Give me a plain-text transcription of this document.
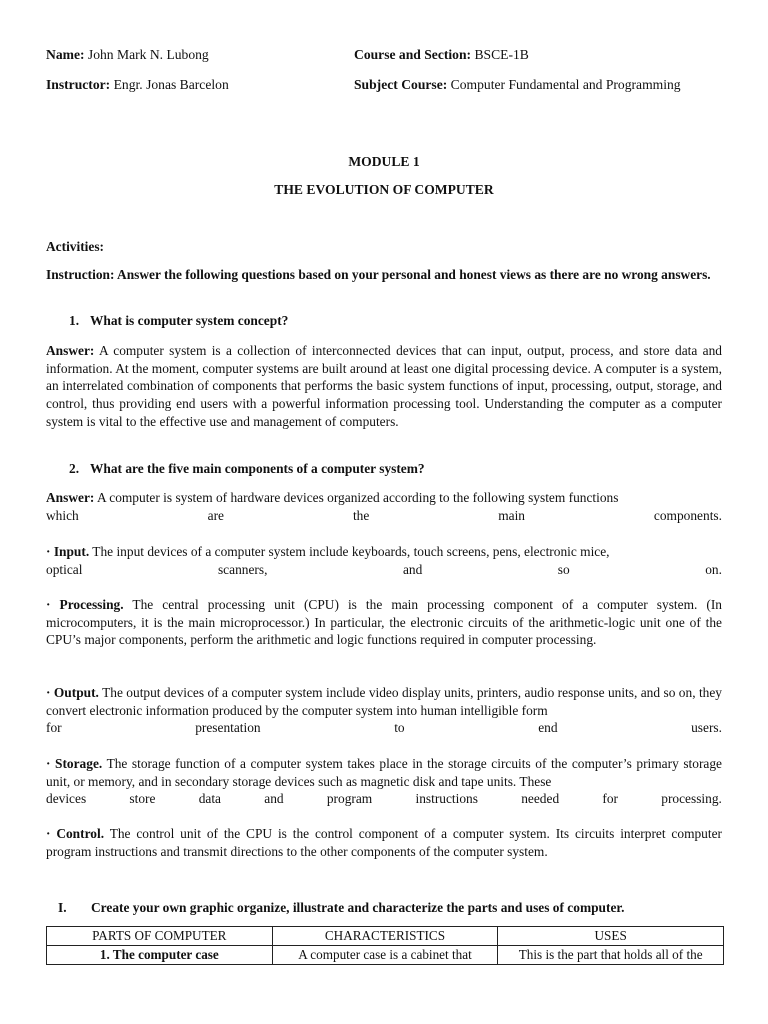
Name: John Mark N. Lubong	Course and Section: BSCE-1B
Instructor: Engr. Jonas Barcelon	Subject Course: Computer Fundamental and Programming
MODULE 1
THE EVOLUTION OF COMPUTER
Activities:
Instruction: Answer the following questions based on your personal and honest views as there are no wrong answers.
1. What is computer system concept?
Answer: A computer system is a collection of interconnected devices that can input, output, process, and store data and information. At the moment, computer systems are built around at least one digital processing device. A computer is a system, an interrelated combination of components that performs the basic system functions of input, processing, output, storage, and control, thus providing end users with a powerful information processing tool. Understanding the computer as a computer system is vital to the effective use and management of computers.
2. What are the five main components of a computer system?
Answer: A computer is system of hardware devices organized according to the following system functions
which	are	the	main	components.
· Input. The input devices of a computer system include keyboards, touch screens, pens, electronic mice,
optical	scanners,	and	so	on.
· Processing. The central processing unit (CPU) is the main processing component of a computer system. (In microcomputers, it is the main microprocessor.) In particular, the electronic circuits of the arithmetic-logic unit one of the CPU’s major components, perform the arithmetic and logic functions required in computer processing.
· Output. The output devices of a computer system include video display units, printers, audio response units, and so on, they convert electronic information produced by the computer system into human intelligible form
for	presentation	to	end	users.
· Storage. The storage function of a computer system takes place in the storage circuits of the computer’s primary storage unit, or memory, and in secondary storage devices such as magnetic disk and tape units. These
devices	store	data	and	program	instructions	needed	for	processing.
· Control. The control unit of the CPU is the control component of a computer system. Its circuits interpret computer program instructions and transmit directions to the other components of the computer system.
I. Create your own graphic organize, illustrate and characterize the parts and uses of computer.
PARTS OF COMPUTER	CHARACTERISTICS	USES
1. The computer case	A computer case is a cabinet that	This is the part that holds all of the
